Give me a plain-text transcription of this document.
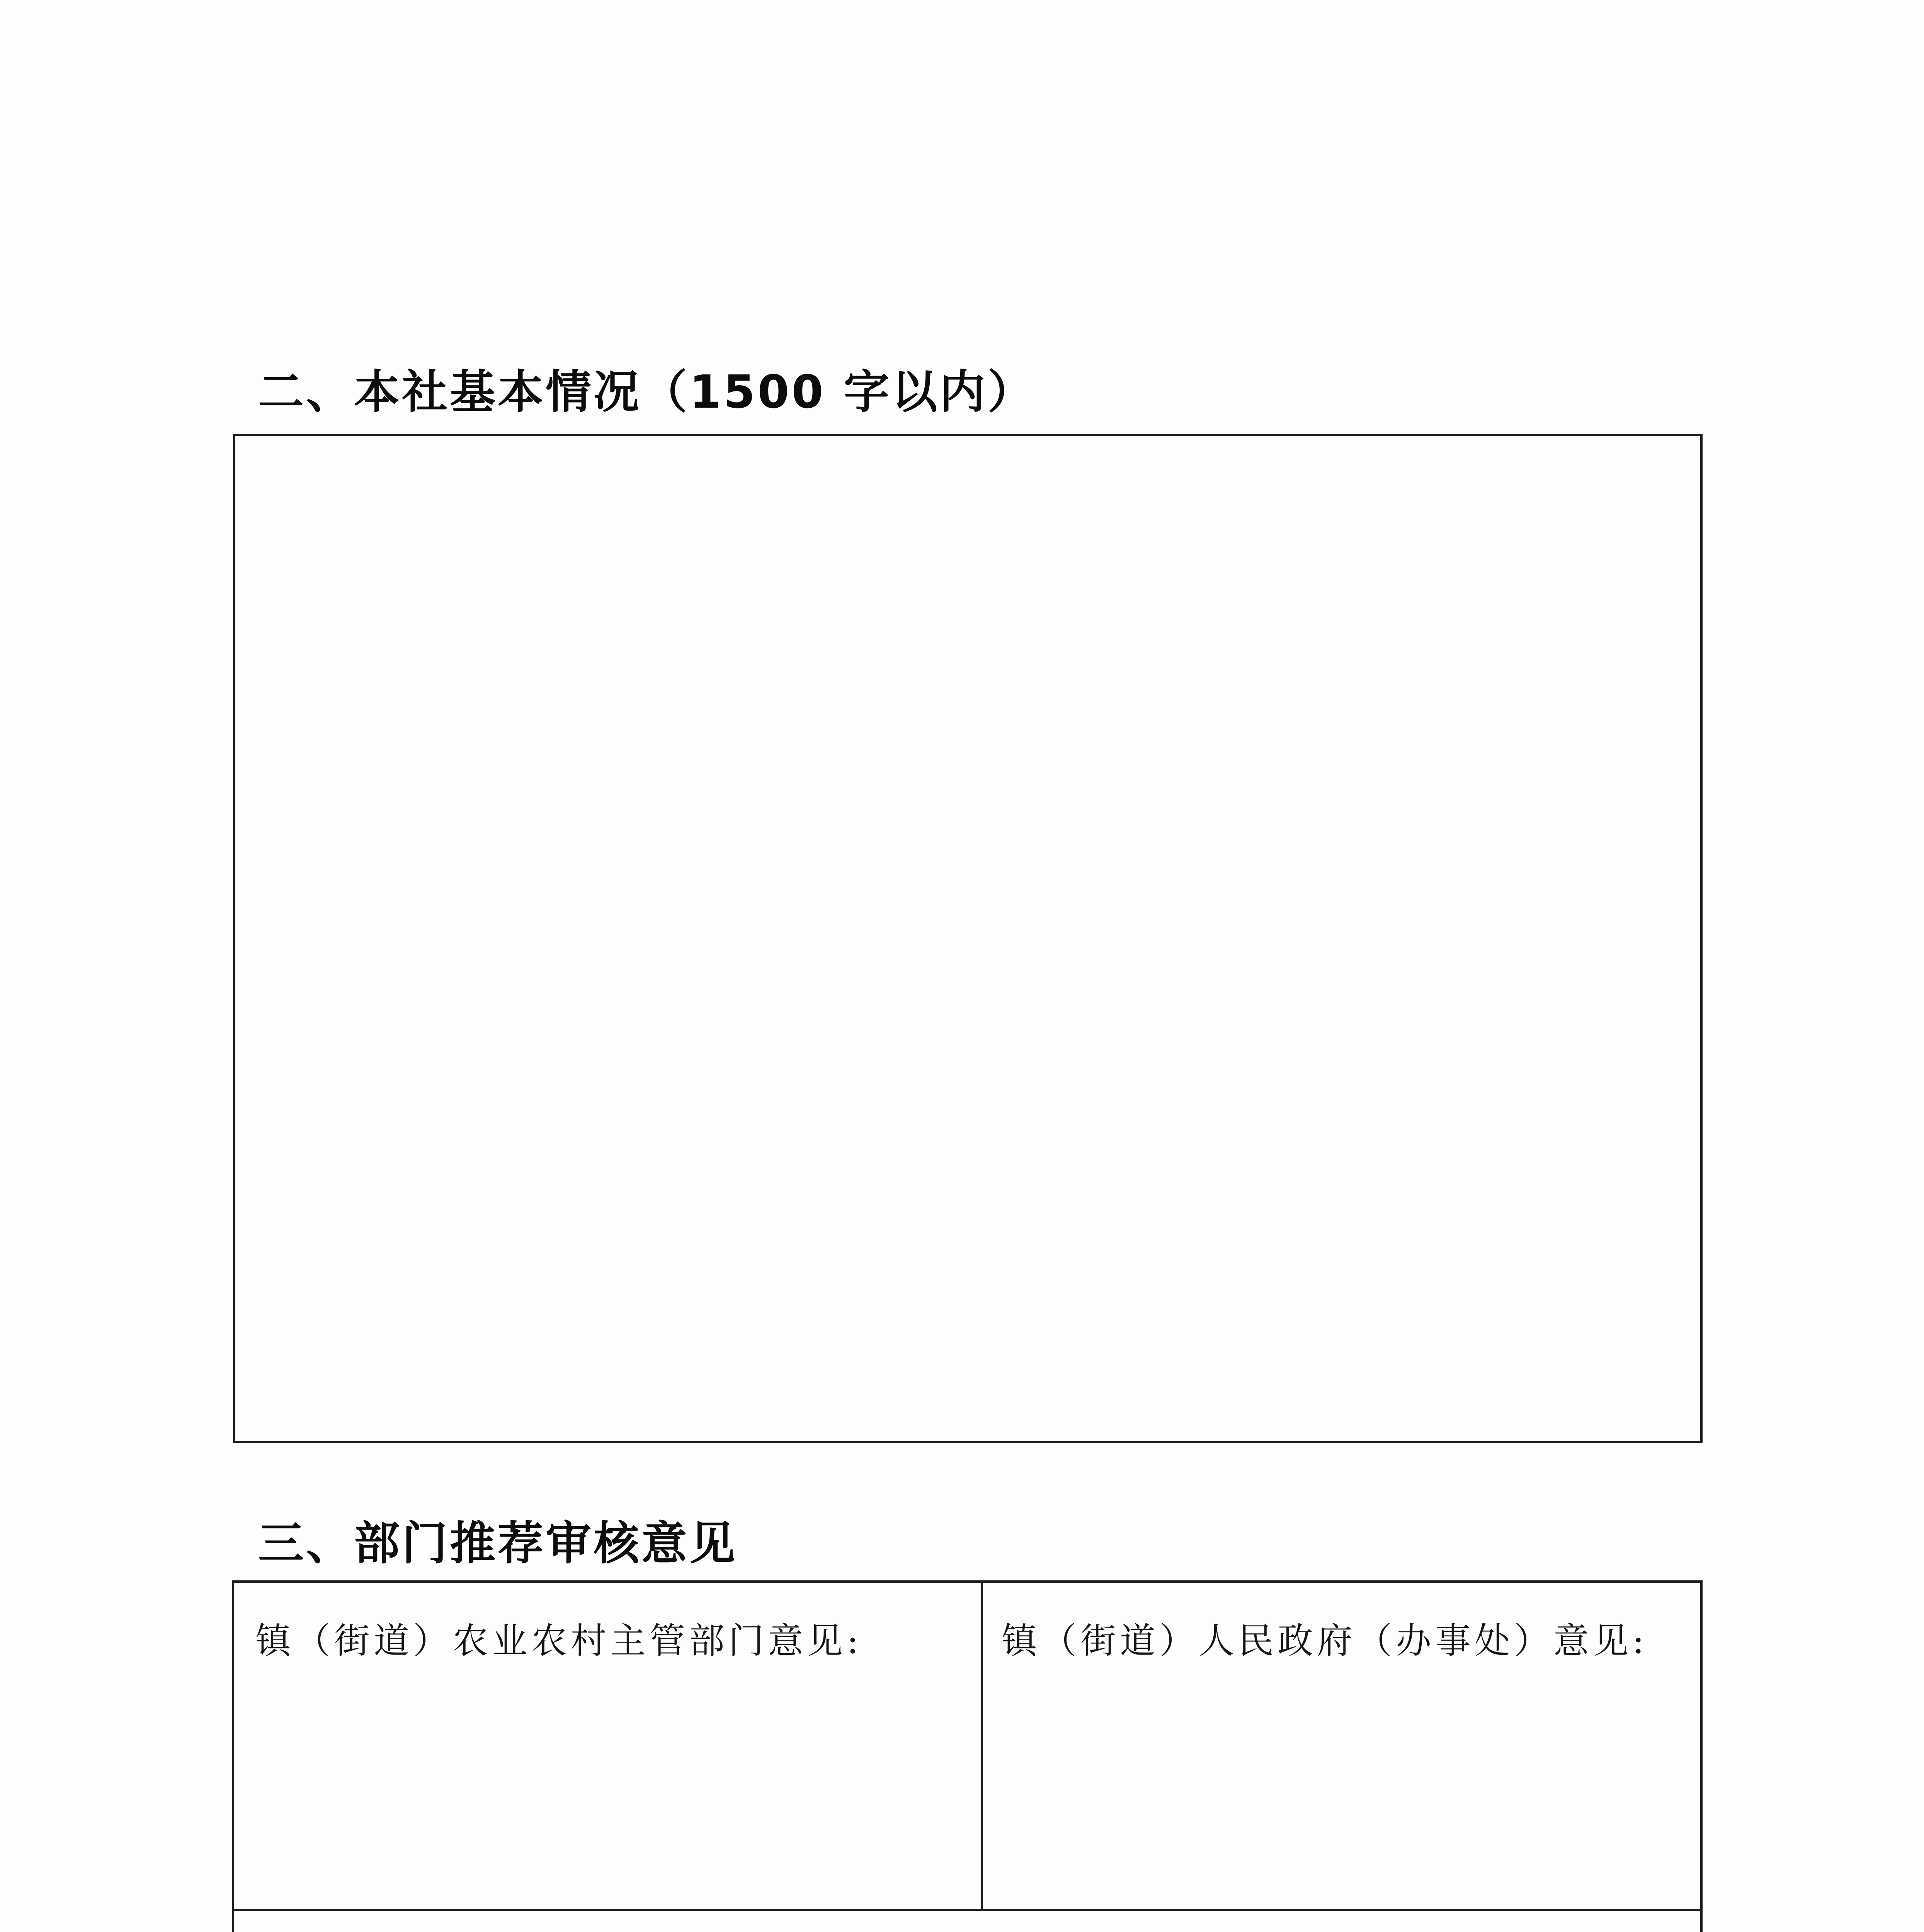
二、本社基本情况（1500 字以内）
三、部门推荐审核意见
镇（街道）农业农村主管部门意见:	镇（街道）人民政府（办事处）意见:
